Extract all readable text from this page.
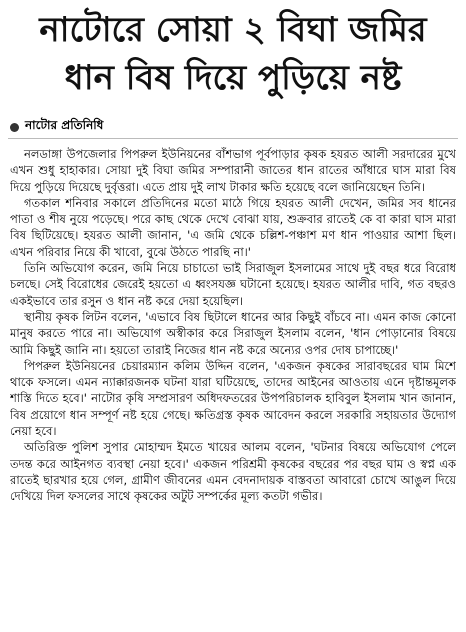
নাটোরে সোয়া ২ বিঘা জমির
ধান বিষ দিয়ে পুড়িয়ে নষ্ট
নাটোর প্রতিনিধি

নলডাঙ্গা উপজেলার পিপরুল ইউনিয়নের বাঁশভাগ পূর্বপাড়ার কৃষক হযরত আলী সরদারের মুখে এখন শুধু হাহাকার। সোয়া দুই বিঘা জমির সম্পারানী জাতের ধান রাতের আঁধারে ঘাস মারা বিষ দিয়ে পুড়িয়ে দিয়েছে দুর্বৃত্তরা। এতে প্রায় দুই লাখ টাকার ক্ষতি হয়েছে বলে জানিয়েছেন তিনি।

গতকাল শনিবার সকালে প্রতিদিনের মতো মাঠে গিয়ে হযরত আলী দেখেন, জমির সব ধানের পাতা ও শীষ নুয়ে পড়েছে। পরে কাছ থেকে দেখে বোঝা যায়, শুক্রবার রাতেই কে বা কারা ঘাস মারা বিষ ছিটিয়েছে। হযরত আলী জানান, 'এ জমি থেকে চল্লিশ-পঞ্চাশ মণ ধান পাওয়ার আশা ছিল। এখন পরিবার নিয়ে কী খাবো, বুঝে উঠতে পারছি না।'

তিনি অভিযোগ করেন, জমি নিয়ে চাচাতো ভাই সিরাজুল ইসলামের সাথে দুই বছর ধরে বিরোধ চলছে। সেই বিরোধের জেরেই হয়তো এ ধ্বংসযজ্ঞ ঘটানো হয়েছে। হযরত আলীর দাবি, গত বছরও একইভাবে তার রসুন ও ধান নষ্ট করে দেয়া হয়েছিল।

স্থানীয় কৃষক লিটন বলেন, 'এভাবে বিষ ছিটালে ধানের আর কিছুই বাঁচবে না। এমন কাজ কোনো মানুষ করতে পারে না। অভিযোগ অস্বীকার করে সিরাজুল ইসলাম বলেন, 'ধান পোড়ানোর বিষয়ে আমি কিছুই জানি না। হয়তো তারাই নিজের ধান নষ্ট করে অন্যের ওপর দোষ চাপাচ্ছে।'

পিপরুল ইউনিয়নের চেয়ারম্যান কলিম উদ্দিন বলেন, 'একজন কৃষকের সারাবছরের ঘাম মিশে থাকে ফসলে। এমন ন্যাক্কারজনক ঘটনা যারা ঘটিয়েছে, তাদের আইনের আওতায় এনে দৃষ্টান্তমূলক শাস্তি দিতে হবে।' নাটোর কৃষি সম্প্রসারণ অধিদফতরের উপপরিচালক হাবিবুল ইসলাম খান জানান, বিষ প্রয়োগে ধান সম্পূর্ণ নষ্ট হয়ে গেছে। ক্ষতিগ্রস্ত কৃষক আবেদন করলে সরকারি সহায়তার উদ্যোগ নেয়া হবে।

অতিরিক্ত পুলিশ সুপার মোহাম্মদ ইমতে খায়ের আলম বলেন, 'ঘটনার বিষয়ে অভিযোগ পেলে তদন্ত করে আইনগত ব্যবস্থা নেয়া হবে।' একজন পরিশ্রমী কৃষকের বছরের পর বছর ঘাম ও স্বপ্ন এক রাতেই ছারখার হয়ে গেল, গ্রামীণ জীবনের এমন বেদনাদায়ক বাস্তবতা আবারো চোখে আঙুল দিয়ে দেখিয়ে দিল ফসলের সাথে কৃষকের অটুট সম্পর্কের মূল্য কতটা গভীর।
